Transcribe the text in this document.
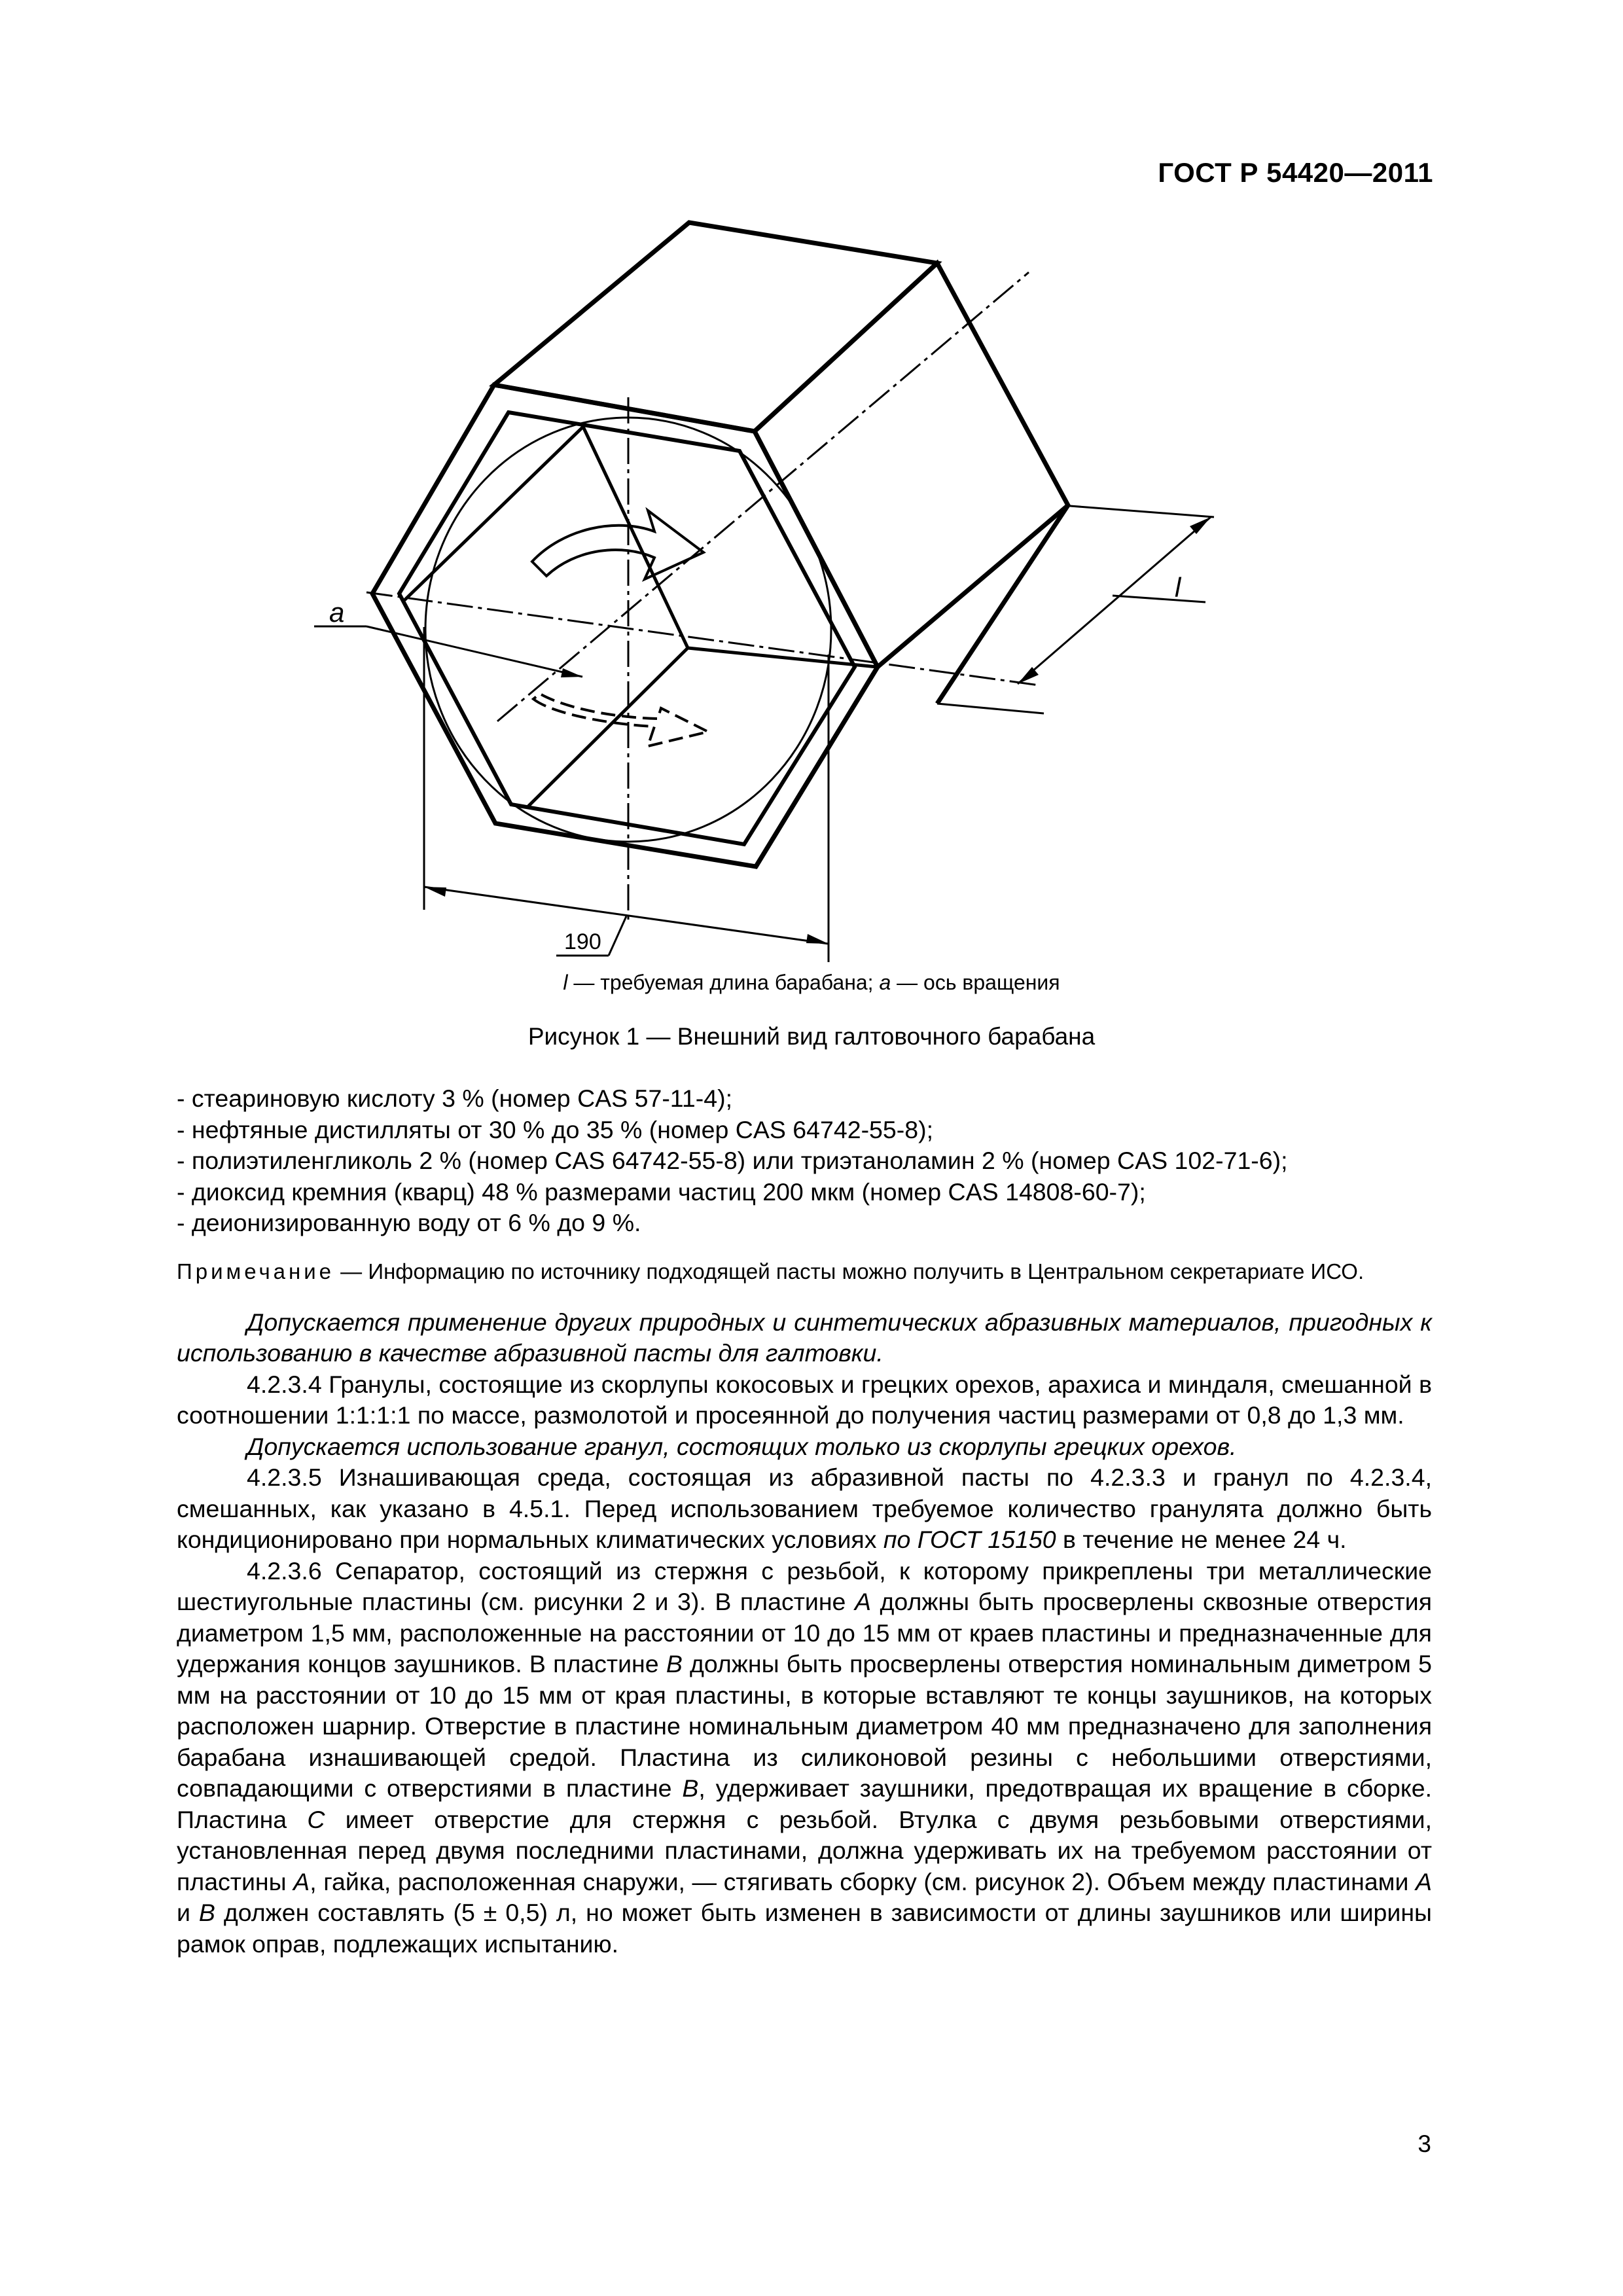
ГОСТ Р 54420—2011
a
l
190
l — требуемая длина барабана; a — ось вращения
Рисунок 1 — Внешний вид галтовочного барабана

- стеариновую кислоту 3 % (номер CAS 57-11-4);

- нефтяные дистилляты от 30 % до 35 % (номер CAS 64742-55-8);

- полиэтиленгликоль 2 % (номер CAS 64742-55-8) или триэтаноламин 2 % (номер CAS 102-71-6);

- диоксид кремния (кварц) 48 % размерами частиц 200 мкм (номер CAS 14808-60-7);

- деионизированную воду от 6 % до 9 %.

Примечание — Информацию по источнику подходящей пасты можно получить в Центральном секретариате ИСО.

Допускается применение других природных и синтетических абразивных материалов, пригодных к использованию в качестве абразивной пасты для галтовки.

4.2.3.4 Гранулы, состоящие из скорлупы кокосовых и грецких орехов, арахиса и миндаля, смешанной в соотношении 1:1:1:1 по массе, размолотой и просеянной до получения частиц размерами от 0,8 до 1,3 мм.

Допускается использование гранул, состоящих только из скорлупы грецких орехов.

4.2.3.5 Изнашивающая среда, состоящая из абразивной пасты по 4.2.3.3 и гранул по 4.2.3.4, смешанных, как указано в 4.5.1. Перед использованием требуемое количество гранулята должно быть кондиционировано при нормальных климатических условиях по ГОСТ 15150 в течение не менее 24 ч.

4.2.3.6 Сепаратор, состоящий из стержня с резьбой, к которому прикреплены три металлические шестиугольные пластины (см. рисунки 2 и 3). В пластине A должны быть просверлены сквозные отверстия диаметром 1,5 мм, расположенные на расстоянии от 10 до 15 мм от краев пластины и предназначенные для удержания концов заушников. В пластине B должны быть просверлены отверстия номинальным диметром 5 мм на расстоянии от 10 до 15 мм от края пластины, в которые вставляют те концы заушников, на которых расположен шарнир. Отверстие в пластине номинальным диаметром 40 мм предназначено для заполнения барабана изнашивающей средой. Пластина из силиконовой резины с небольшими отверстиями, совпадающими с отверстиями в пластине B, удерживает заушники, предотвращая их вращение в сборке. Пластина C имеет отверстие для стержня с резьбой. Втулка с двумя резьбовыми отверстиями, установленная перед двумя последними пластинами, должна удерживать их на требуемом расстоянии от пластины A, гайка, расположенная снаружи, — стягивать сборку (см. рисунок 2). Объем между пластинами A и B должен составлять (5 ± 0,5) л, но может быть изменен в зависимости от длины заушников или ширины рамок оправ, подлежащих испытанию.

3
